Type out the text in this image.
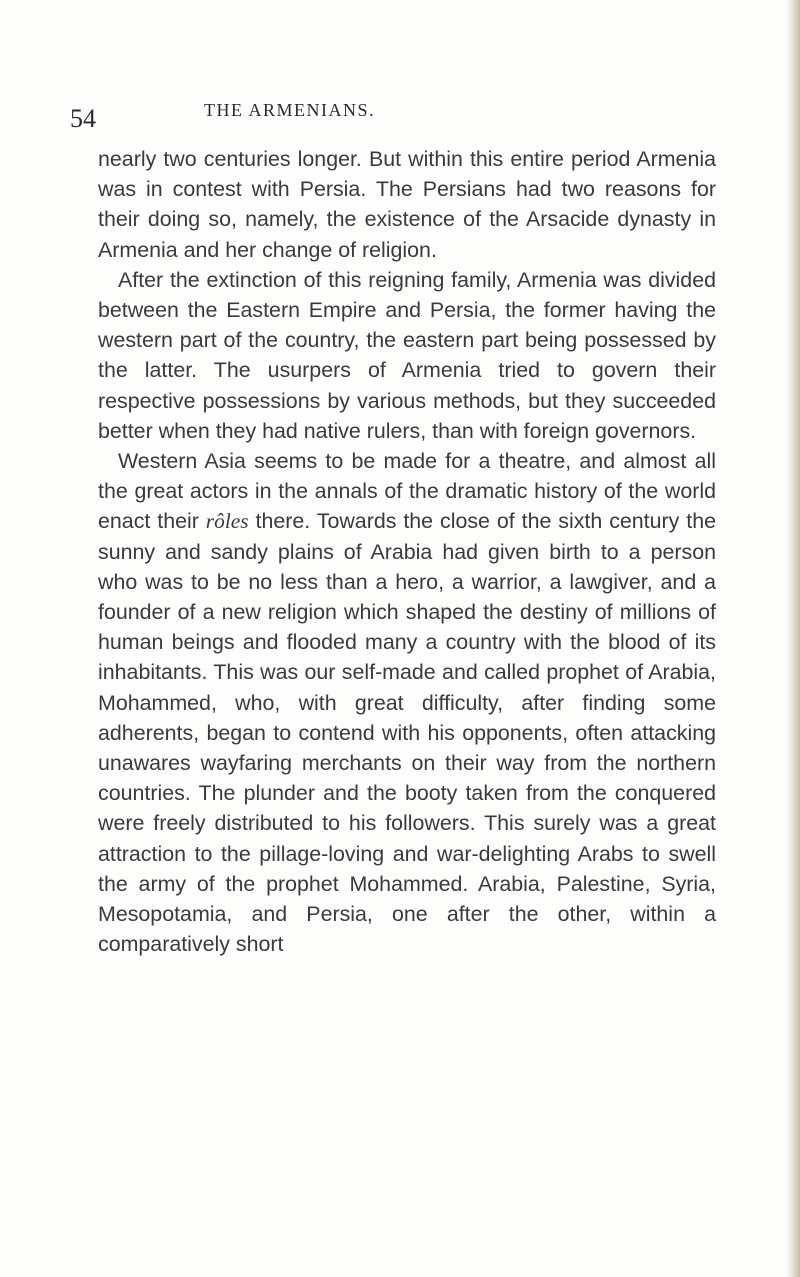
54	THE ARMENIANS.

nearly two centuries longer. But within this entire period Armenia was in contest with Persia. The Persians had two reasons for their doing so, namely, the existence of the Arsacide dynasty in Armenia and her change of religion.

After the extinction of this reigning family, Armenia was divided between the Eastern Empire and Persia, the former having the western part of the country, the eastern part being possessed by the latter. The usurpers of Armenia tried to govern their respective possessions by various methods, but they succeeded better when they had native rulers, than with foreign governors.

Western Asia seems to be made for a theatre, and almost all the great actors in the annals of the dramatic history of the world enact their rôles there. Towards the close of the sixth century the sunny and sandy plains of Arabia had given birth to a person who was to be no less than a hero, a warrior, a lawgiver, and a founder of a new religion which shaped the destiny of millions of human beings and flooded many a country with the blood of its inhabitants. This was our self-made and called prophet of Arabia, Mohammed, who, with great difficulty, after finding some adherents, began to contend with his opponents, often attacking unawares wayfaring merchants on their way from the northern countries. The plunder and the booty taken from the conquered were freely distributed to his followers. This surely was a great attraction to the pillage-loving and war-delighting Arabs to swell the army of the prophet Mohammed. Arabia, Palestine, Syria, Mesopotamia, and Persia, one after the other, within a comparatively short
